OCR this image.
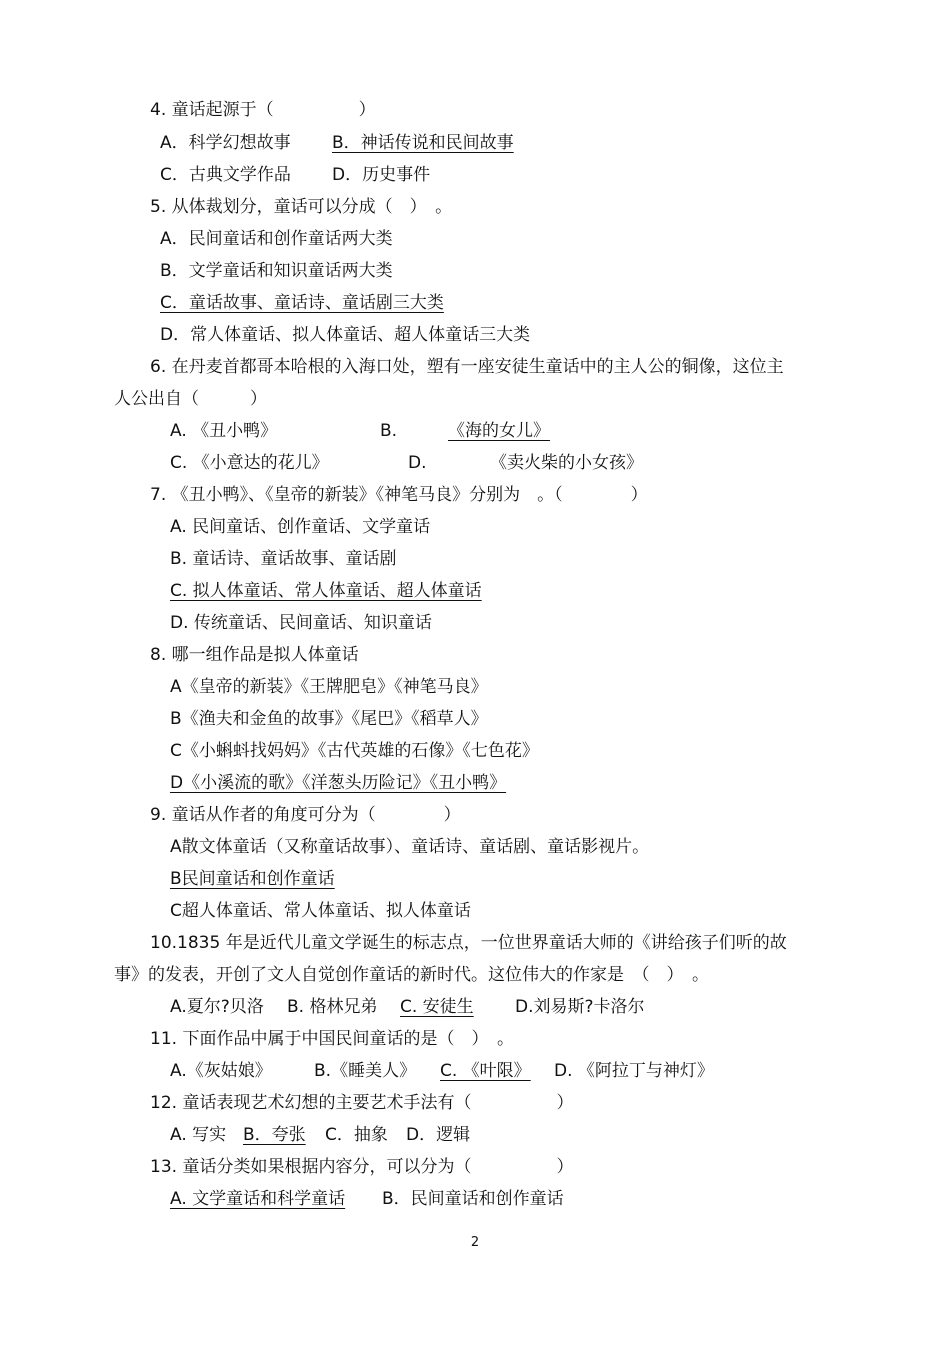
4. 童话起源于（　　　　　）
A．科学幻想故事 B．神话传说和民间故事
C．古典文学作品 D．历史事件
5. 从体裁划分，童话可以分成（　）　。
A．民间童话和创作童话两大类
B．文学童话和知识童话两大类
C．童话故事、童话诗、童话剧三大类
D．常人体童话、拟人体童话、超人体童话三大类
6. 在丹麦首都哥本哈根的入海口处，塑有一座安徒生童话中的主人公的铜像，这位主
人公出自（　　　）
A. 《丑小鸭》	B.	《海的女儿》
C. 《小意达的花儿》	D.	《卖火柴的小女孩》
7. 《丑小鸭》、《皇帝的新装》《神笔马良》分别为　。（　　　　）
A. 民间童话、创作童话、文学童话
B. 童话诗、童话故事、童话剧
C. 拟人体童话、常人体童话、超人体童话
D. 传统童话、民间童话、知识童话
8. 哪一组作品是拟人体童话
A《皇帝的新装》《王牌肥皂》《神笔马良》
B《渔夫和金鱼的故事》《尾巴》《稻草人》
C《小蝌蚪找妈妈》《古代英雄的石像》《七色花》
D《小溪流的歌》《洋葱头历险记》《丑小鸭》
9. 童话从作者的角度可分为（　　　　）
A散文体童话（又称童话故事）、童话诗、童话剧、童话影视片。
B民间童话和创作童话
C超人体童话、常人体童话、拟人体童话
10.1835 年是近代儿童文学诞生的标志点，一位世界童话大师的《讲给孩子们听的故
事》的发表，开创了文人自觉创作童话的新时代。这位伟大的作家是　（　）　。
A.夏尔?贝洛 B. 格林兄弟 C. 安徒生 D.刘易斯?卡洛尔
11. 下面作品中属于中国民间童话的是（　）　。
A.《灰姑娘》 B.《睡美人》 C. 《叶限》 D. 《阿拉丁与神灯》
12. 童话表现艺术幻想的主要艺术手法有（　　　　　）
A. 写实 B．夸张 C．抽象 D．逻辑
13. 童话分类如果根据内容分，可以分为（　　　　　）
A. 文学童话和科学童话 B．民间童话和创作童话
2
